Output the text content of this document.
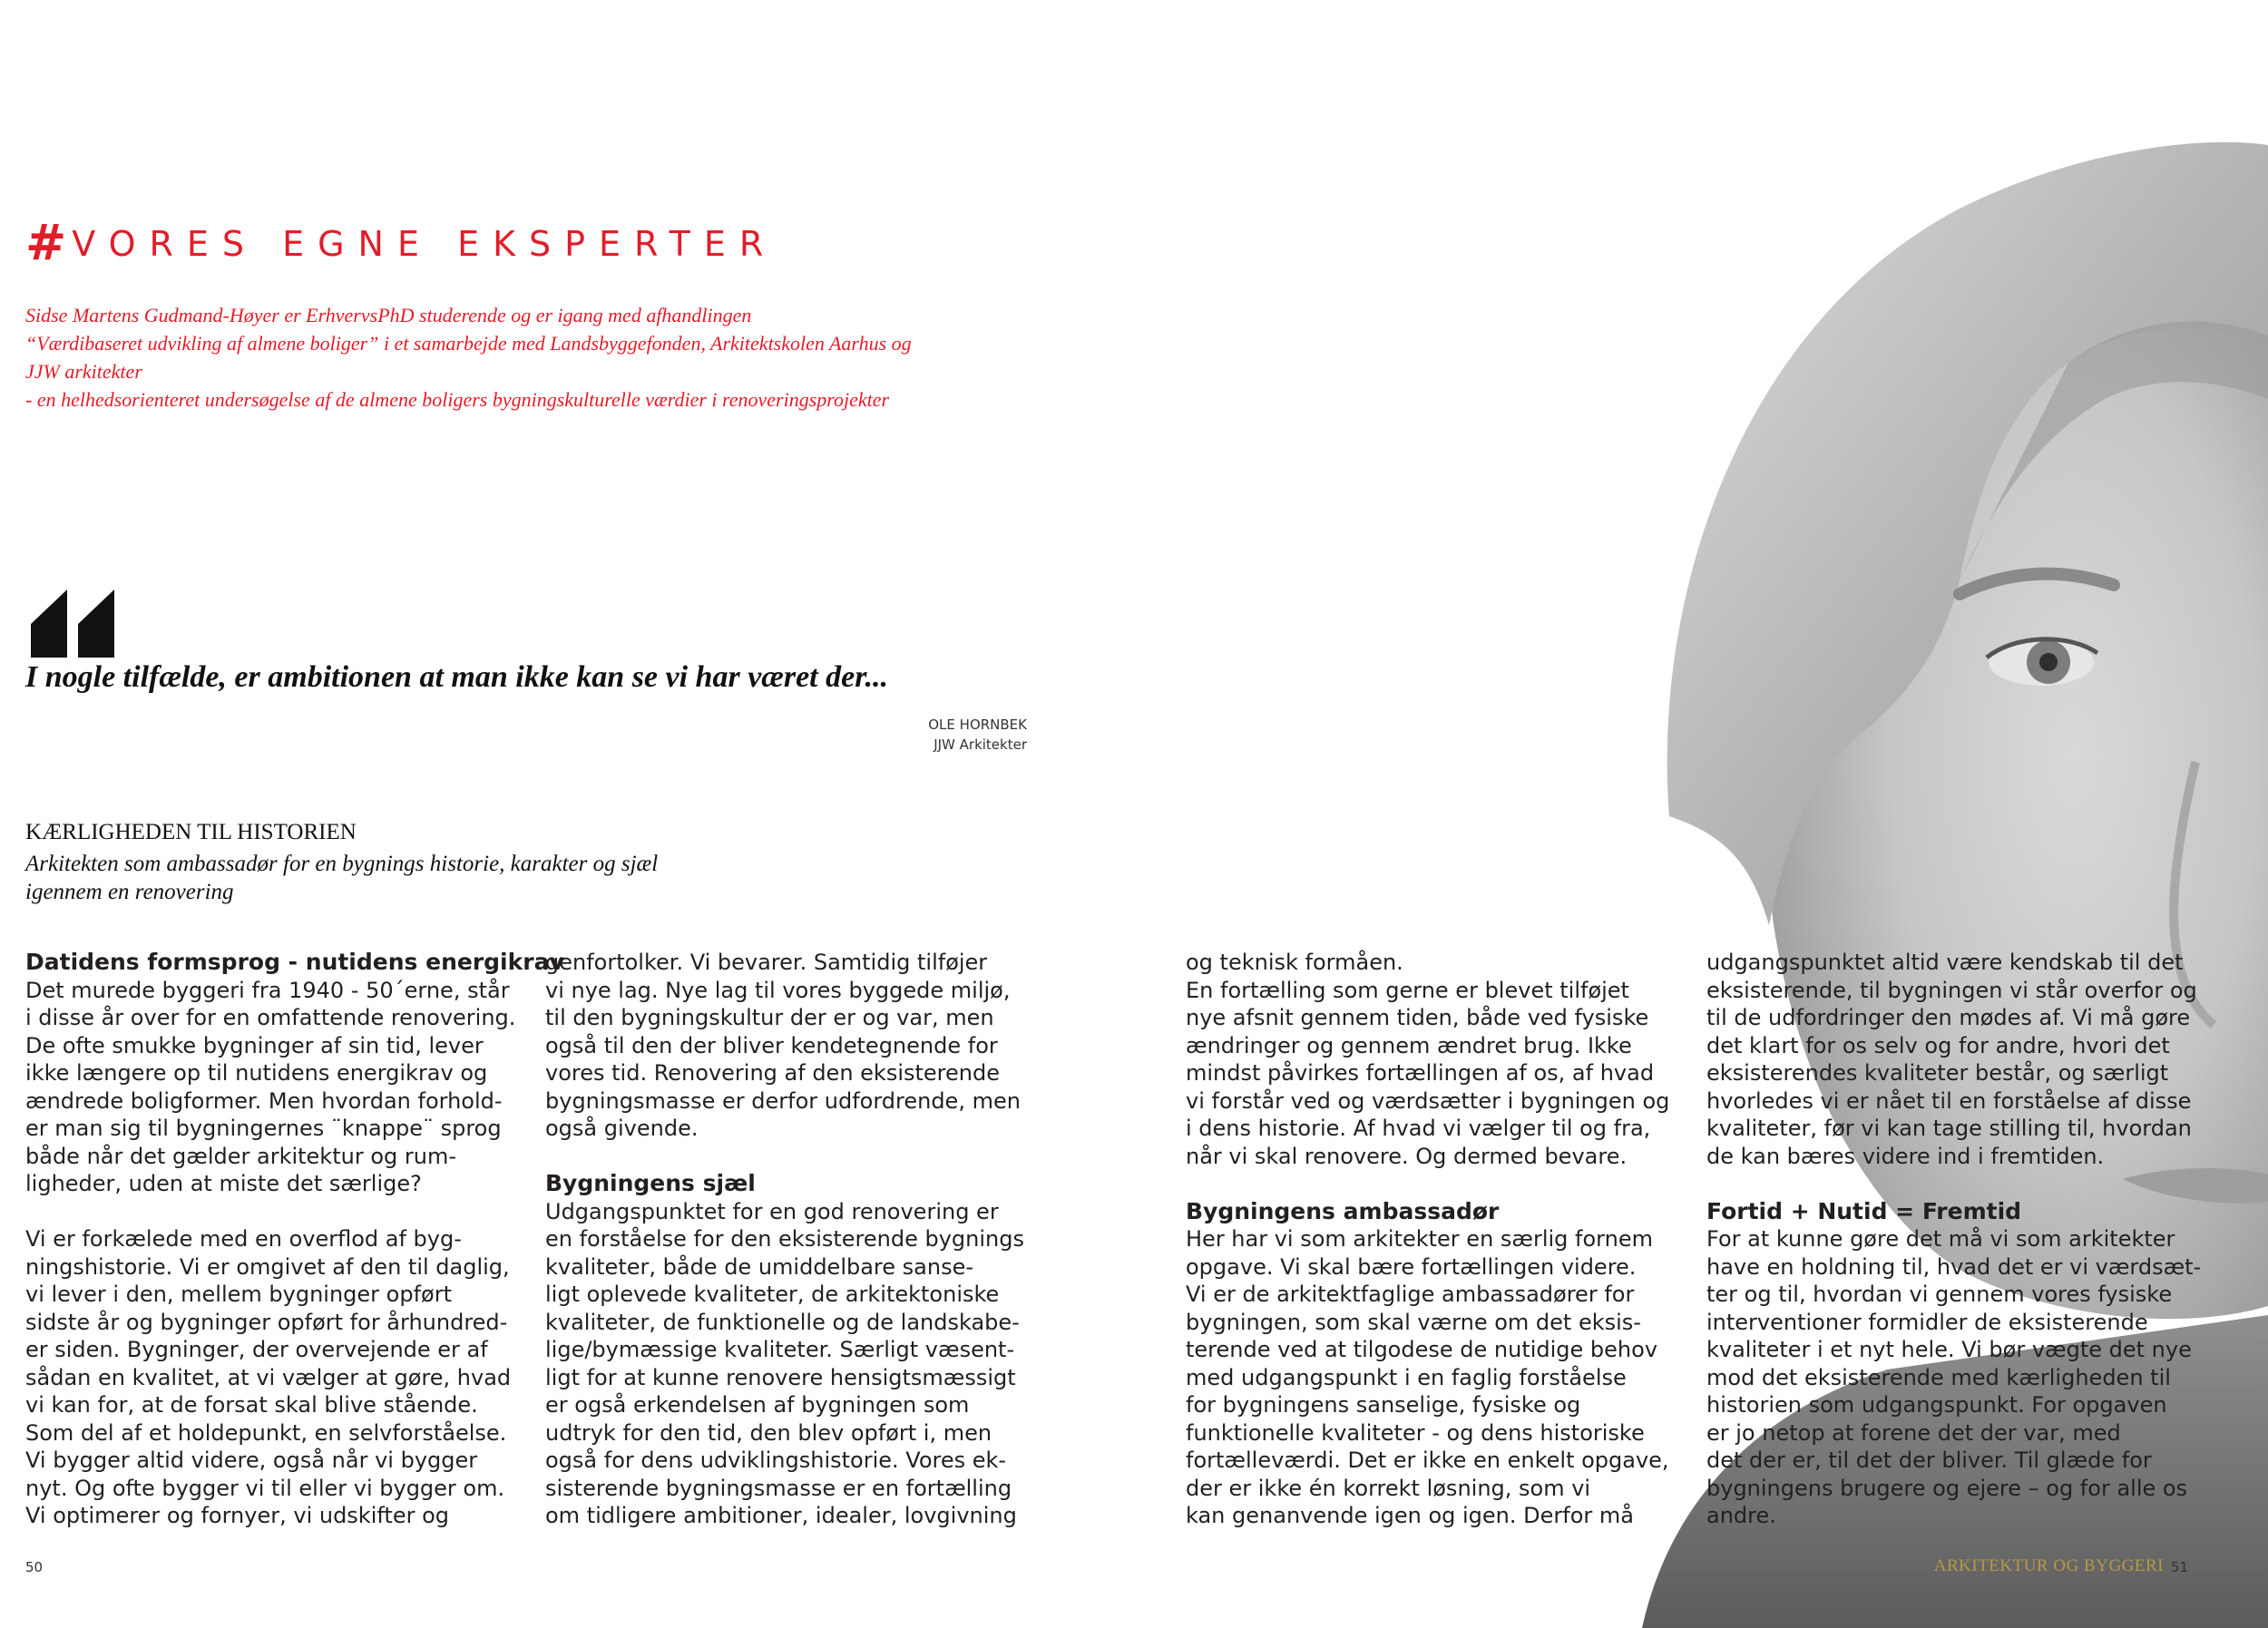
#VORES EGNE EKSPERTER

Sidse Martens Gudmand-Høyer er ErhvervsPhD studerende og er igang med afhandlingen
“Værdibaseret udvikling af almene boliger” i et samarbejde med Landsbyggefonden, Arkitektskolen Aarhus og
JJW arkitekter
- en helhedsorienteret undersøgelse af de almene boligers bygningskulturelle værdier i renoveringsprojekter

I nogle tilfælde, er ambitionen at man ikke kan se vi har været der...

OLE HORNBEK
JJW Arkitekter
KÆRLIGHEDEN TIL HISTORIEN
Arkitekten som ambassadør for en bygnings historie, karakter og sjæl
igennem en renovering
Datidens formsprog - nutidens energikrav
Det murede byggeri fra 1940 - 50´erne, står
i disse år over for en omfattende renovering.
De ofte smukke bygninger af sin tid, lever
ikke længere op til nutidens energikrav og
ændrede boligformer. Men hvordan forhold-
er man sig til bygningernes ¨knappe¨ sprog
både når det gælder arkitektur og rum-
ligheder, uden at miste det særlige?
Vi er forkælede med en overflod af byg-
ningshistorie. Vi er omgivet af den til daglig,
vi lever i den, mellem bygninger opført
sidste år og bygninger opført for århundred-
er siden. Bygninger, der overvejende er af
sådan en kvalitet, at vi vælger at gøre, hvad
vi kan for, at de forsat skal blive stående.
Som del af et holdepunkt, en selvforståelse.
Vi bygger altid videre, også når vi bygger
nyt. Og ofte bygger vi til eller vi bygger om.
Vi optimerer og fornyer, vi udskifter og
genfortolker. Vi bevarer. Samtidig tilføjer
vi nye lag. Nye lag til vores byggede miljø,
til den bygningskultur der er og var, men
også til den der bliver kendetegnende for
vores tid. Renovering af den eksisterende
bygningsmasse er derfor udfordrende, men
også givende.
Bygningens sjæl
Udgangspunktet for en god renovering er
en forståelse for den eksisterende bygnings
kvaliteter, både de umiddelbare sanse-
ligt oplevede kvaliteter, de arkitektoniske
kvaliteter, de funktionelle og de landskabe-
lige/bymæssige kvaliteter. Særligt væsent-
ligt for at kunne renovere hensigtsmæssigt
er også erkendelsen af bygningen som
udtryk for den tid, den blev opført i, men
også for dens udviklingshistorie. Vores ek-
sisterende bygningsmasse er en fortælling
om tidligere ambitioner, idealer, lovgivning
og teknisk formåen.
En fortælling som gerne er blevet tilføjet
nye afsnit gennem tiden, både ved fysiske
ændringer og gennem ændret brug. Ikke
mindst påvirkes fortællingen af os, af hvad
vi forstår ved og værdsætter i bygningen og
i dens historie. Af hvad vi vælger til og fra,
når vi skal renovere. Og dermed bevare.
Bygningens ambassadør
Her har vi som arkitekter en særlig fornem
opgave. Vi skal bære fortællingen videre.
Vi er de arkitektfaglige ambassadører for
bygningen, som skal værne om det eksis-
terende ved at tilgodese de nutidige behov
med udgangspunkt i en faglig forståelse
for bygningens sanselige, fysiske og
funktionelle kvaliteter - og dens historiske
fortælleværdi. Det er ikke en enkelt opgave,
der er ikke én korrekt løsning, som vi
kan genanvende igen og igen. Derfor må
udgangspunktet altid være kendskab til det
eksisterende, til bygningen vi står overfor og
til de udfordringer den mødes af. Vi må gøre
det klart for os selv og for andre, hvori det
eksisterendes kvaliteter består, og særligt
hvorledes vi er nået til en forståelse af disse
kvaliteter, før vi kan tage stilling til, hvordan
de kan bæres videre ind i fremtiden.
Fortid + Nutid = Fremtid
For at kunne gøre det må vi som arkitekter
have en holdning til, hvad det er vi værdsæt-
ter og til, hvordan vi gennem vores fysiske
interventioner formidler de eksisterende
kvaliteter i et nyt hele. Vi bør vægte det nye
mod det eksisterende med kærligheden til
historien som udgangspunkt. For opgaven
er jo netop at forene det der var, med
det der er, til det der bliver. Til glæde for
bygningens brugere og ejere – og for alle os
andre.
50	ARKITEKTUR OG BYGGERI 51
